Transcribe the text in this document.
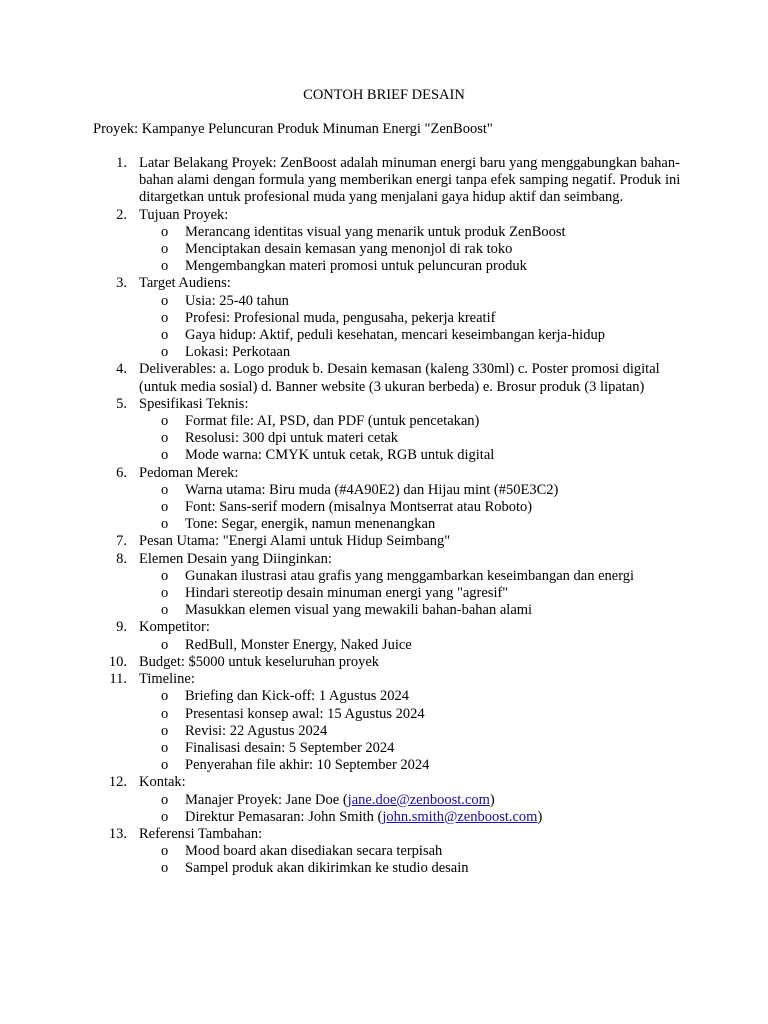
CONTOH BRIEF DESAIN
Proyek: Kampanye Peluncuran Produk Minuman Energi "ZenBoost"
1. Latar Belakang Proyek: ZenBoost adalah minuman energi baru yang menggabungkan bahan-bahan alami dengan formula yang memberikan energi tanpa efek samping negatif. Produk ini ditargetkan untuk profesional muda yang menjalani gaya hidup aktif dan seimbang.
2. Tujuan Proyek:
o Merancang identitas visual yang menarik untuk produk ZenBoost
o Menciptakan desain kemasan yang menonjol di rak toko
o Mengembangkan materi promosi untuk peluncuran produk
3. Target Audiens:
o Usia: 25-40 tahun
o Profesi: Profesional muda, pengusaha, pekerja kreatif
o Gaya hidup: Aktif, peduli kesehatan, mencari keseimbangan kerja-hidup
o Lokasi: Perkotaan
4. Deliverables: a. Logo produk b. Desain kemasan (kaleng 330ml) c. Poster promosi digital (untuk media sosial) d. Banner website (3 ukuran berbeda) e. Brosur produk (3 lipatan)
5. Spesifikasi Teknis:
o Format file: AI, PSD, dan PDF (untuk pencetakan)
o Resolusi: 300 dpi untuk materi cetak
o Mode warna: CMYK untuk cetak, RGB untuk digital
6. Pedoman Merek:
o Warna utama: Biru muda (#4A90E2) dan Hijau mint (#50E3C2)
o Font: Sans-serif modern (misalnya Montserrat atau Roboto)
o Tone: Segar, energik, namun menenangkan
7. Pesan Utama: "Energi Alami untuk Hidup Seimbang"
8. Elemen Desain yang Diinginkan:
o Gunakan ilustrasi atau grafis yang menggambarkan keseimbangan dan energi
o Hindari stereotip desain minuman energi yang "agresif"
o Masukkan elemen visual yang mewakili bahan-bahan alami
9. Kompetitor:
o RedBull, Monster Energy, Naked Juice
10. Budget: $5000 untuk keseluruhan proyek
11. Timeline:
o Briefing dan Kick-off: 1 Agustus 2024
o Presentasi konsep awal: 15 Agustus 2024
o Revisi: 22 Agustus 2024
o Finalisasi desain: 5 September 2024
o Penyerahan file akhir: 10 September 2024
12. Kontak:
o Manajer Proyek: Jane Doe (jane.doe@zenboost.com)
o Direktur Pemasaran: John Smith (john.smith@zenboost.com)
13. Referensi Tambahan:
o Mood board akan disediakan secara terpisah
o Sampel produk akan dikirimkan ke studio desain
